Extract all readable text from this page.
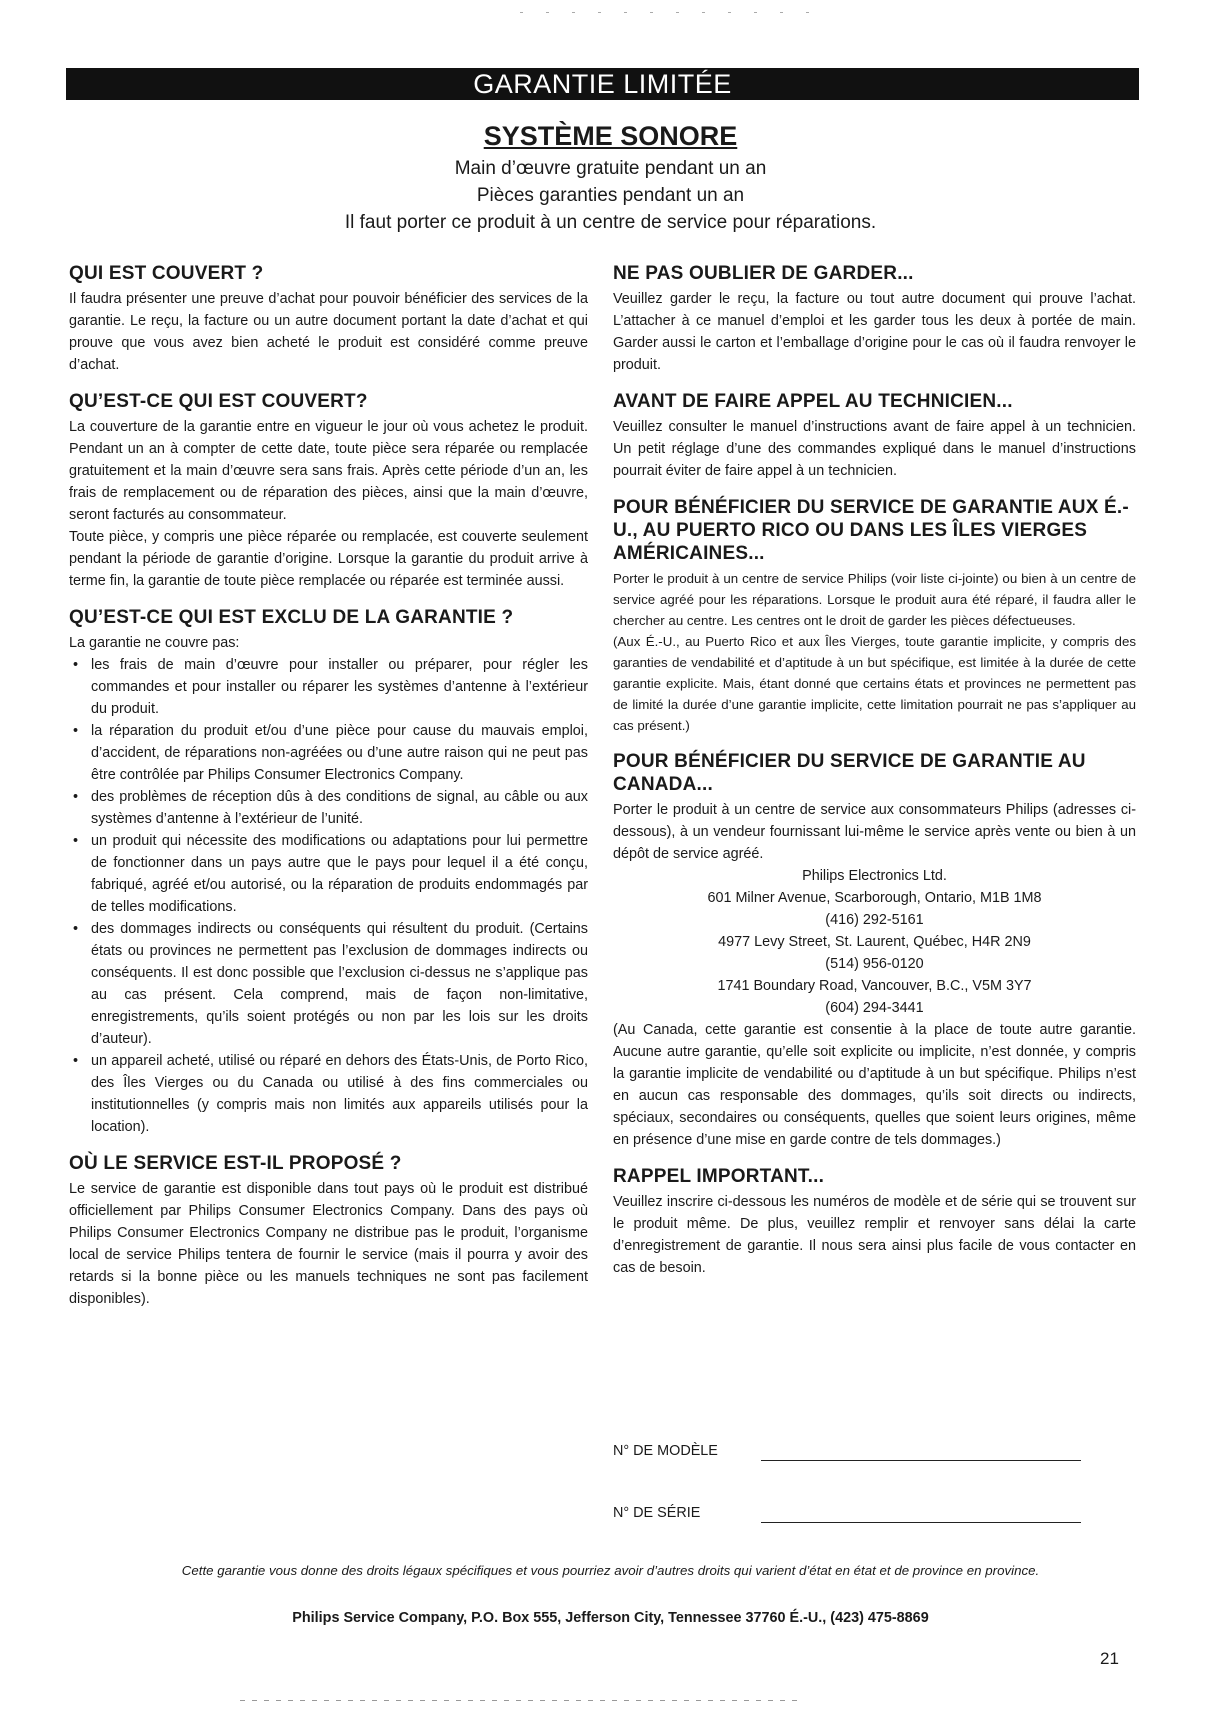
GARANTIE LIMITÉE
SYSTÈME SONORE
Main d’œuvre gratuite pendant un an
Pièces garanties pendant un an
Il faut porter ce produit à un centre de service pour réparations.
QUI EST COUVERT ?

Il faudra présenter une preuve d’achat pour pouvoir bénéficier des services de la garantie. Le reçu, la facture ou un autre document portant la date d’achat et qui prouve que vous avez bien acheté le produit est considéré comme preuve d’achat.

QU’EST-CE QUI EST COUVERT?

La couverture de la garantie entre en vigueur le jour où vous achetez le produit. Pendant un an à compter de cette date, toute pièce sera réparée ou remplacée gratuitement et la main d’œuvre sera sans frais. Après cette période d’un an, les frais de remplacement ou de réparation des pièces, ainsi que la main d’œuvre, seront facturés au consommateur.

Toute pièce, y compris une pièce réparée ou remplacée, est couverte seulement pendant la période de garantie d’origine. Lorsque la garantie du produit arrive à terme fin, la garantie de toute pièce remplacée ou réparée est terminée aussi.

QU’EST-CE QUI EST EXCLU DE LA GARANTIE ?

La garantie ne couvre pas:

• les frais de main d’œuvre pour installer ou préparer, pour régler les commandes et pour installer ou réparer les systèmes d’antenne à l’extérieur du produit.
• la réparation du produit et/ou d’une pièce pour cause du mauvais emploi, d’accident, de réparations non-agréées ou d’une autre raison qui ne peut pas être contrôlée par Philips Consumer Electronics Company.
• des problèmes de réception dûs à des conditions de signal, au câble ou aux systèmes d’antenne à l’extérieur de l’unité.
• un produit qui nécessite des modifications ou adaptations pour lui permettre de fonctionner dans un pays autre que le pays pour lequel il a été conçu, fabriqué, agréé et/ou autorisé, ou la réparation de produits endommagés par de telles modifications.
• des dommages indirects ou conséquents qui résultent du produit. (Certains états ou provinces ne permettent pas l’exclusion de dommages indirects ou conséquents. Il est donc possible que l’exclusion ci-dessus ne s’applique pas au cas présent. Cela comprend, mais de façon non-limitative, enregistrements, qu’ils soient protégés ou non par les lois sur les droits d’auteur).
• un appareil acheté, utilisé ou réparé en dehors des États-Unis, de Porto Rico, des Îles Vierges ou du Canada ou utilisé à des fins commerciales ou institutionnelles (y compris mais non limités aux appareils utilisés pour la location).
OÙ LE SERVICE EST-IL PROPOSÉ ?

Le service de garantie est disponible dans tout pays où le produit est distribué officiellement par Philips Consumer Electronics Company. Dans des pays où Philips Consumer Electronics Company ne distribue pas le produit, l’organisme local de service Philips tentera de fournir le service (mais il pourra y avoir des retards si la bonne pièce ou les manuels techniques ne sont pas facilement disponibles).

NE PAS OUBLIER DE GARDER...

Veuillez garder le reçu, la facture ou tout autre document qui prouve l’achat. L’attacher à ce manuel d’emploi et les garder tous les deux à portée de main. Garder aussi le carton et l’emballage d’origine pour le cas où il faudra renvoyer le produit.

AVANT DE FAIRE APPEL AU TECHNICIEN...

Veuillez consulter le manuel d’instructions avant de faire appel à un technicien. Un petit réglage d’une des commandes expliqué dans le manuel d’instructions pourrait éviter de faire appel à un technicien.

POUR BÉNÉFICIER DU SERVICE DE GARANTIE AUX É.-U., AU PUERTO RICO OU DANS LES ÎLES VIERGES AMÉRICAINES...

Porter le produit à un centre de service Philips (voir liste ci-jointe) ou bien à un centre de service agréé pour les réparations. Lorsque le produit aura été réparé, il faudra aller le chercher au centre. Les centres ont le droit de garder les pièces défectueuses.

(Aux É.-U., au Puerto Rico et aux Îles Vierges, toute garantie implicite, y compris des garanties de vendabilité et d’aptitude à un but spécifique, est limitée à la durée de cette garantie explicite. Mais, étant donné que certains états et provinces ne permettent pas de limité la durée d’une garantie implicite, cette limitation pourrait ne pas s’appliquer au cas présent.)

POUR BÉNÉFICIER DU SERVICE DE GARANTIE AU CANADA...

Porter le produit à un centre de service aux consommateurs Philips (adresses ci-dessous), à un vendeur fournissant lui-même le service après vente ou bien à un dépôt de service agréé.

Philips Electronics Ltd.
601 Milner Avenue, Scarborough, Ontario, M1B 1M8
(416) 292-5161
4977 Levy Street, St. Laurent, Québec, H4R 2N9
(514) 956-0120
1741 Boundary Road, Vancouver, B.C., V5M 3Y7
(604) 294-3441

(Au Canada, cette garantie est consentie à la place de toute autre garantie. Aucune autre garantie, qu’elle soit explicite ou implicite, n’est donnée, y compris la garantie implicite de vendabilité ou d’aptitude à un but spécifique. Philips n’est en aucun cas responsable des dommages, qu’ils soit directs ou indirects, spéciaux, secondaires ou conséquents, quelles que soient leurs origines, même en présence d’une mise en garde contre de tels dommages.)

RAPPEL IMPORTANT...

Veuillez inscrire ci-dessous les numéros de modèle et de série qui se trouvent sur le produit même. De plus, veuillez remplir et renvoyer sans délai la carte d’enregistrement de garantie. Il nous sera ainsi plus facile de vous contacter en cas de besoin.

N° DE MODÈLE
N° DE SÉRIE
Cette garantie vous donne des droits légaux spécifiques et vous pourriez avoir d’autres droits qui varient d’état en état et de province en province.
Philips Service Company, P.O. Box 555, Jefferson City, Tennessee 37760 É.-U., (423) 475-8869
21
